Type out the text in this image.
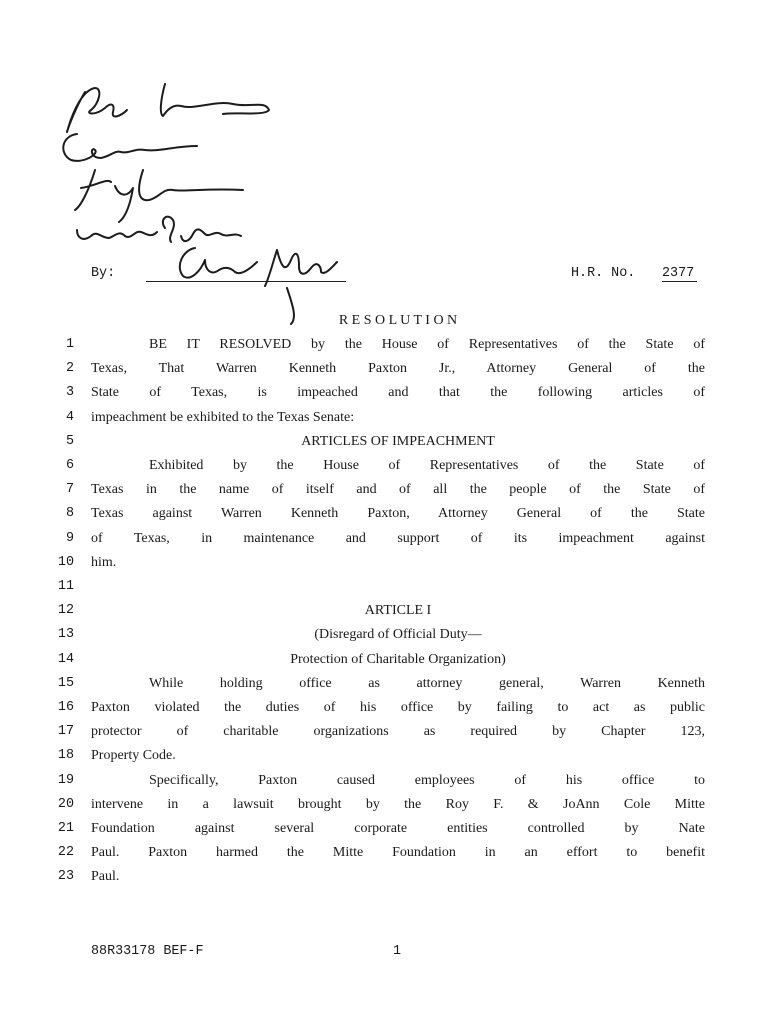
By:	H.R. No. 2377
R E S O L U T I O N
1	BE IT RESOLVED by the House of Representatives of the State of
2 Texas, That Warren Kenneth Paxton Jr., Attorney General of the
3 State of Texas, is impeached and that the following articles of
4 impeachment be exhibited to the Texas Senate:
5	ARTICLES OF IMPEACHMENT
6	Exhibited by the House of Representatives of the State of
7 Texas in the name of itself and of all the people of the State of
8 Texas against Warren Kenneth Paxton, Attorney General of the State
9 of Texas, in maintenance and support of its impeachment against
10 him.
11
12	ARTICLE I
13	(Disregard of Official Duty—
14	Protection of Charitable Organization)
15	While holding office as attorney general, Warren Kenneth
16 Paxton violated the duties of his office by failing to act as public
17 protector of charitable organizations as required by Chapter 123,
18 Property Code.
19	Specifically, Paxton caused employees of his office to
20 intervene in a lawsuit brought by the Roy F. & JoAnn Cole Mitte
21 Foundation against several corporate entities controlled by Nate
22 Paul. Paxton harmed the Mitte Foundation in an effort to benefit
23 Paul.
88R33178 BEF-F	1
